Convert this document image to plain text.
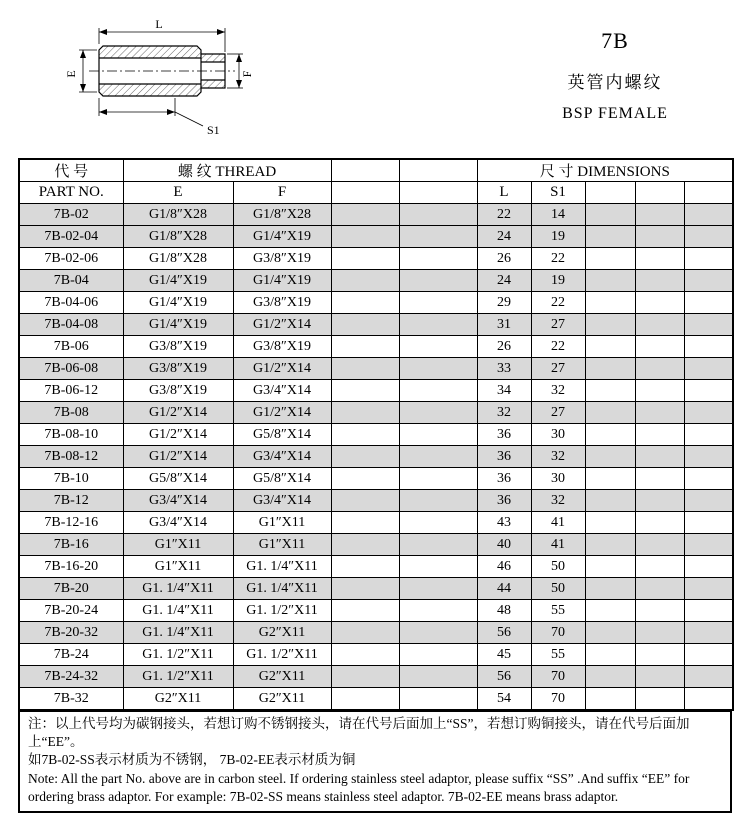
L
E	F
S1
7B
英管内螺纹
BSP FEMALE
代 号	螺 纹 THREAD				尺 寸 DIMENSIONS				
PART NO.	E	F			L	S1			
7B-02	G1/8″X28	G1/8″X28			22	14			
7B-02-04	G1/8″X28	G1/4″X19			24	19			
7B-02-06	G1/8″X28	G3/8″X19			26	22			
7B-04	G1/4″X19	G1/4″X19			24	19			
7B-04-06	G1/4″X19	G3/8″X19			29	22			
7B-04-08	G1/4″X19	G1/2″X14			31	27			
7B-06	G3/8″X19	G3/8″X19			26	22			
7B-06-08	G3/8″X19	G1/2″X14			33	27			
7B-06-12	G3/8″X19	G3/4″X14			34	32			
7B-08	G1/2″X14	G1/2″X14			32	27			
7B-08-10	G1/2″X14	G5/8″X14			36	30			
7B-08-12	G1/2″X14	G3/4″X14			36	32			
7B-10	G5/8″X14	G5/8″X14			36	30			
7B-12	G3/4″X14	G3/4″X14			36	32			
7B-12-16	G3/4″X14	G1″X11			43	41			
7B-16	G1″X11	G1″X11			40	41			
7B-16-20	G1″X11	G1. 1/4″X11			46	50			
7B-20	G1. 1/4″X11	G1. 1/4″X11			44	50			
7B-20-24	G1. 1/4″X11	G1. 1/2″X11			48	55			
7B-20-32	G1. 1/4″X11	G2″X11			56	70			
7B-24	G1. 1/2″X11	G1. 1/2″X11			45	55			
7B-24-32	G1. 1/2″X11	G2″X11			56	70			
7B-32	G2″X11	G2″X11			54	70			

注：以上代号均为碳钢接头，若想订购不锈钢接头，请在代号后面加上“SS”，若想订购铜接头，请在代号后面加上“EE”。

如7B-02-SS表示材质为不锈钢， 7B-02-EE表示材质为铜

Note: All the part No. above are in carbon steel. If ordering stainless steel adaptor, please suffix “SS” .And suffix “EE” for ordering brass adaptor. For example: 7B-02-SS means stainless steel adaptor. 7B-02-EE means brass adaptor.
